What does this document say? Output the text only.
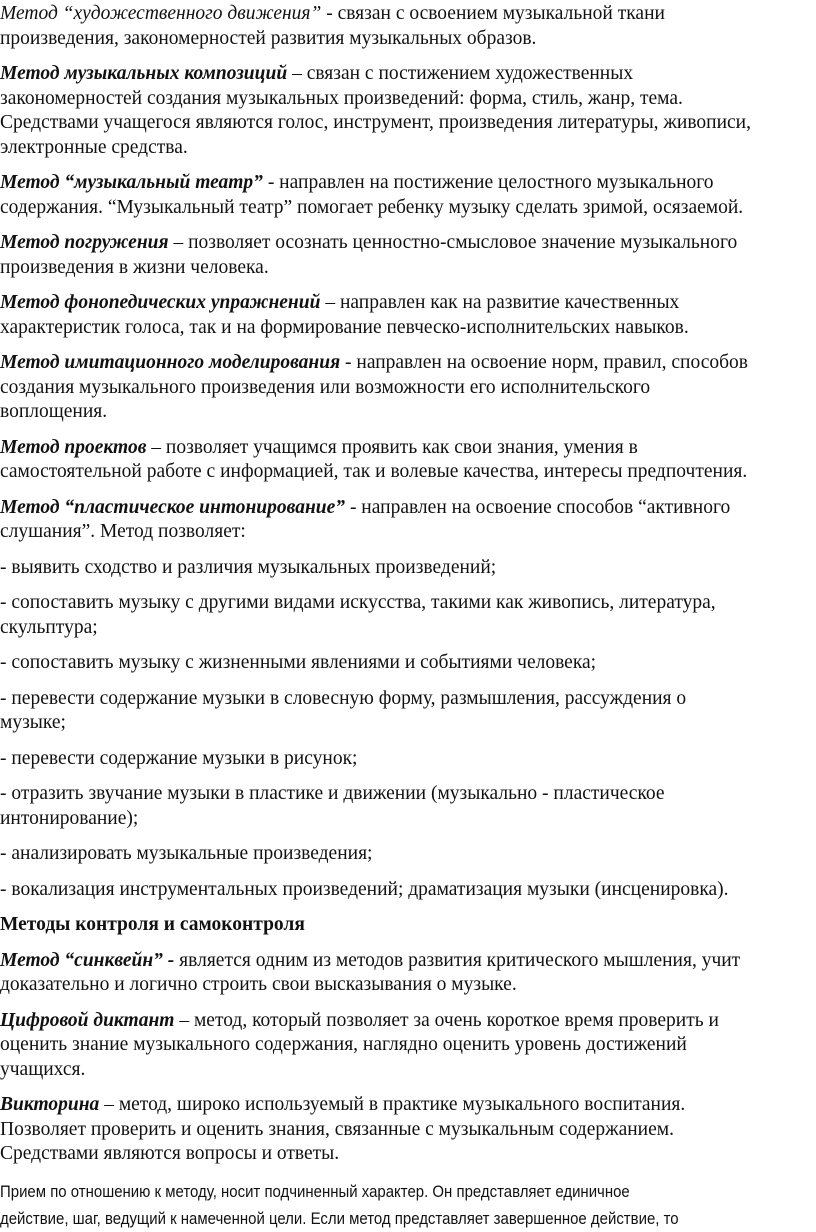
Метод “художественного движения” - связан с освоением музыкальной ткани
произведения, закономерностей развития музыкальных образов.

Метод музыкальных композиций – связан с постижением художественных
закономерностей создания музыкальных произведений: форма, стиль, жанр, тема.
Средствами учащегося являются голос, инструмент, произведения литературы, живописи,
электронные средства.

Метод “музыкальный театр” - направлен на постижение целостного музыкального
содержания. “Музыкальный театр” помогает ребенку музыку сделать зримой, осязаемой.

Метод погружения – позволяет осознать ценностно-смысловое значение музыкального
произведения в жизни человека.

Метод фонопедических упражнений – направлен как на развитие качественных
характеристик голоса, так и на формирование певческо-исполнительских навыков.

Метод имитационного моделирования - направлен на освоение норм, правил, способов
создания музыкального произведения или возможности его исполнительского
воплощения.

Метод проектов – позволяет учащимся проявить как свои знания, умения в
самостоятельной работе с информацией, так и волевые качества, интересы предпочтения.

Метод “пластическое интонирование” - направлен на освоение способов “активного
слушания”. Метод позволяет:

- выявить сходство и различия музыкальных произведений;

- сопоставить музыку с другими видами искусства, такими как живопись, литература,
скульптура;

- сопоставить музыку с жизненными явлениями и событиями человека;

- перевести содержание музыки в словесную форму, размышления, рассуждения о
музыке;

- перевести содержание музыки в рисунок;

- отразить звучание музыки в пластике и движении (музыкально - пластическое
интонирование);

- анализировать музыкальные произведения;

- вокализация инструментальных произведений; драматизация музыки (инсценировка).

Методы контроля и самоконтроля

Метод “синквейн” - является одним из методов развития критического мышления, учит
доказательно и логично строить свои высказывания о музыке.

Цифровой диктант – метод, который позволяет за очень короткое время проверить и
оценить знание музыкального содержания, наглядно оценить уровень достижений
учащихся.

Викторина – метод, широко используемый в практике музыкального воспитания.
Позволяет проверить и оценить знания, связанные с музыкальным содержанием.
Средствами являются вопросы и ответы.

Прием по отношению к методу, носит подчиненный характер. Он представляет единичное
действие, шаг, ведущий к намеченной цели. Если метод представляет завершенное действие, то
